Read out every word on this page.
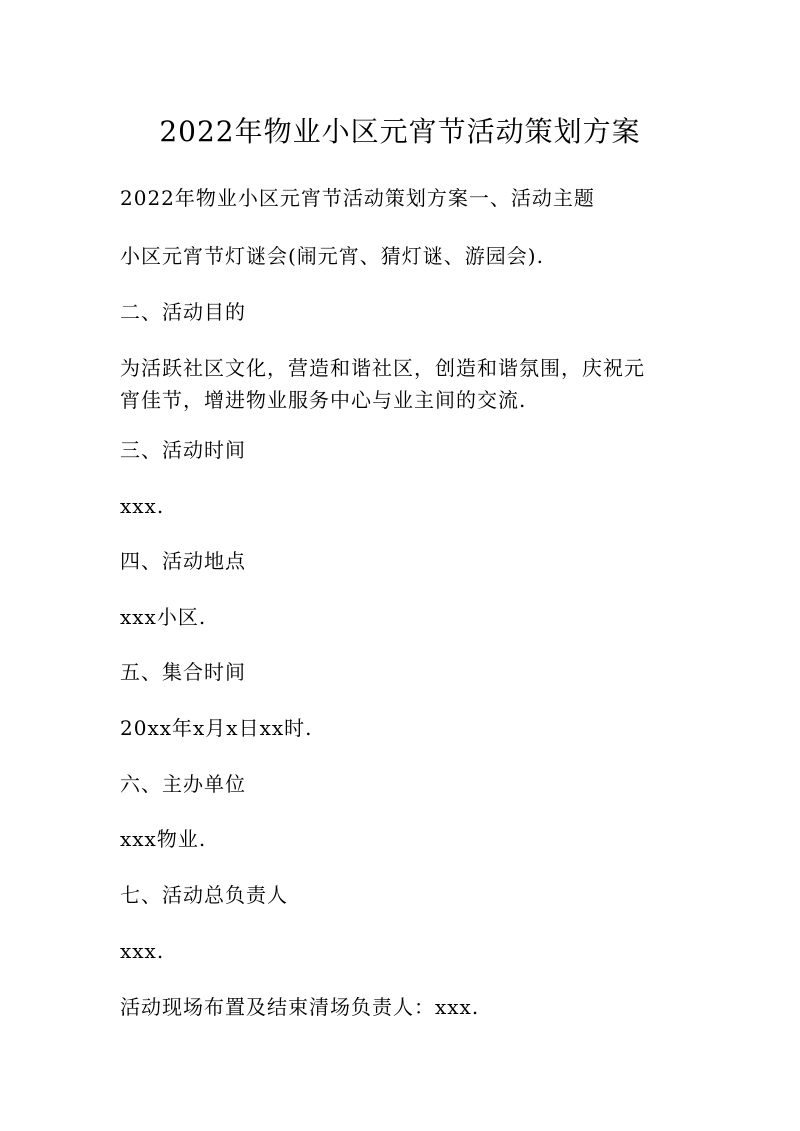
2022年物业小区元宵节活动策划方案
2022年物业小区元宵节活动策划方案一、活动主题
小区元宵节灯谜会(闹元宵、猜灯谜、游园会).
二、活动目的
为活跃社区文化，营造和谐社区，创造和谐氛围，庆祝元
宵佳节，增进物业服务中心与业主间的交流.
三、活动时间
xxx.
四、活动地点
xxx小区.
五、集合时间
20xx年x月x日xx时.
六、主办单位
xxx物业.
七、活动总负责人
xxx.
活动现场布置及结束清场负责人：xxx.
